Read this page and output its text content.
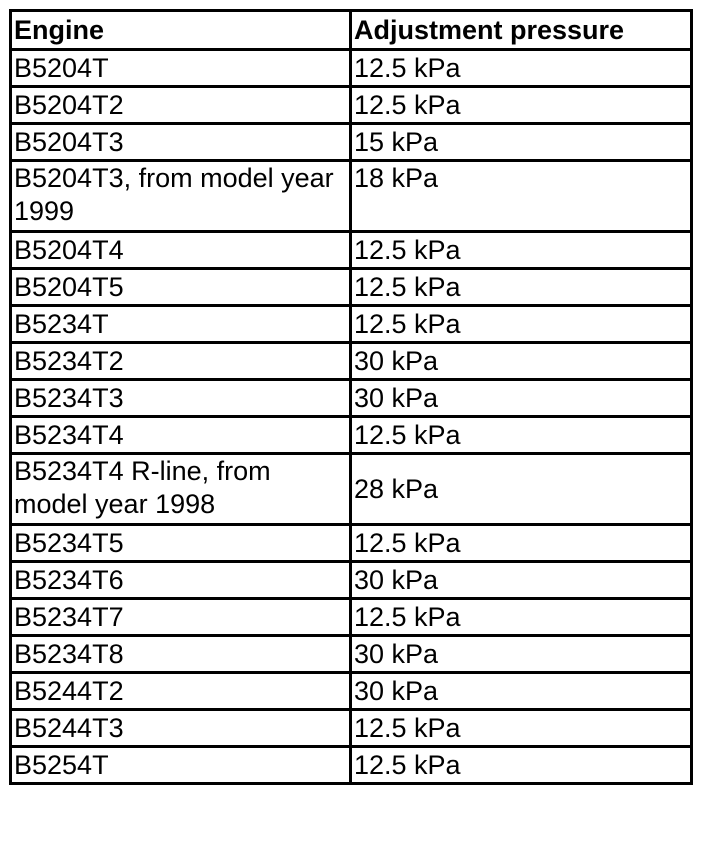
Engine	Adjustment pressure
B5204T	12.5 kPa
B5204T2	12.5 kPa
B5204T3	15 kPa
B5204T3, from model year 1999	18 kPa
B5204T4	12.5 kPa
B5204T5	12.5 kPa
B5234T	12.5 kPa
B5234T2	30 kPa
B5234T3	30 kPa
B5234T4	12.5 kPa
B5234T4 R-line, from model year 1998	28 kPa
B5234T5	12.5 kPa
B5234T6	30 kPa
B5234T7	12.5 kPa
B5234T8	30 kPa
B5244T2	30 kPa
B5244T3	12.5 kPa
B5254T	12.5 kPa
